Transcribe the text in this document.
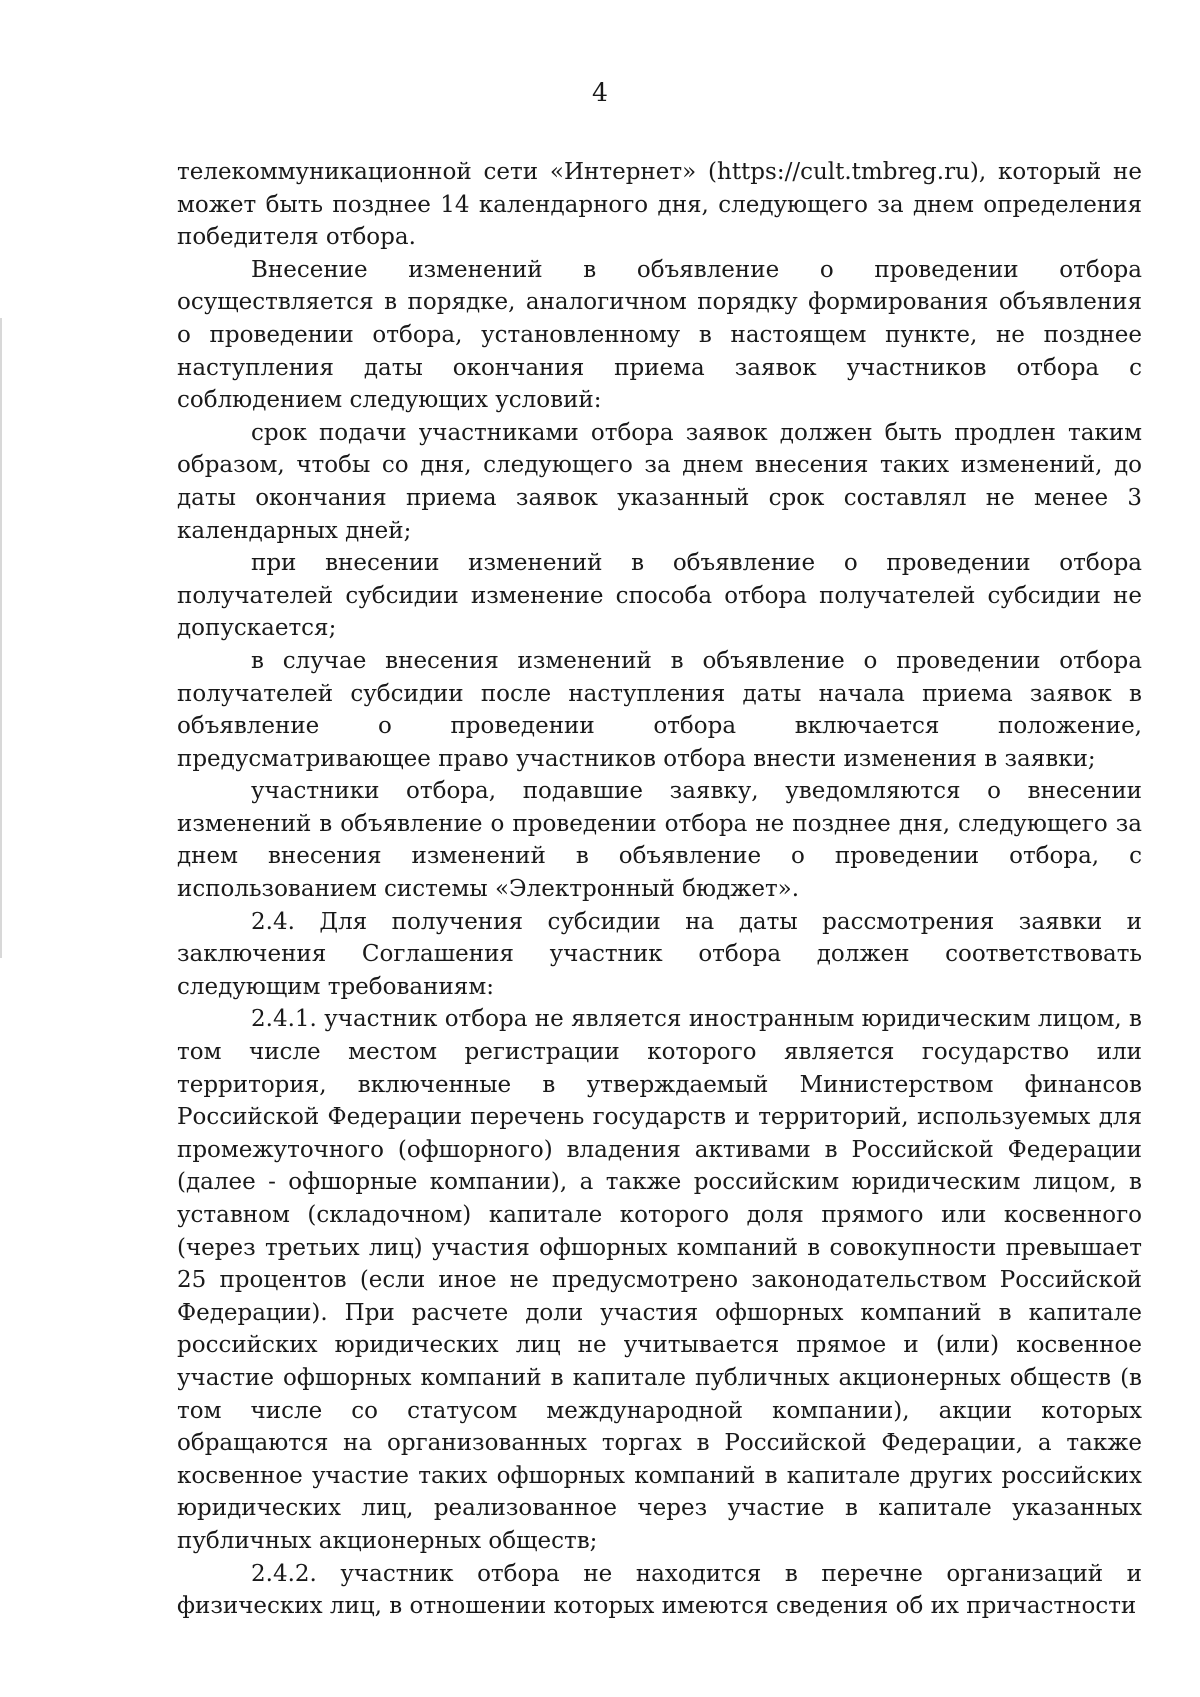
4

телекоммуникационной сети «Интернет» (https://cult.tmbreg.ru), который не может быть позднее 14 календарного дня, следующего за днем определения победителя отбора.

Внесение изменений в объявление о проведении отбора осуществляется в порядке, аналогичном порядку формирования объявления о проведении отбора, установленному в настоящем пункте, не позднее наступления даты окончания приема заявок участников отбора с соблюдением следующих условий:

срок подачи участниками отбора заявок должен быть продлен таким образом, чтобы со дня, следующего за днем внесения таких изменений, до даты окончания приема заявок указанный срок составлял не менее 3 календарных дней;

при внесении изменений в объявление о проведении отбора получателей субсидии изменение способа отбора получателей субсидии не допускается;

в случае внесения изменений в объявление о проведении отбора получателей субсидии после наступления даты начала приема заявок в объявление о проведении отбора включается положение, предусматривающее право участников отбора внести изменения в заявки;

участники отбора, подавшие заявку, уведомляются о внесении изменений в объявление о проведении отбора не позднее дня, следующего за днем внесения изменений в объявление о проведении отбора, с использованием системы «Электронный бюджет».

2.4. Для получения субсидии на даты рассмотрения заявки и заключения Соглашения участник отбора должен соответствовать следующим требованиям:

2.4.1. участник отбора не является иностранным юридическим лицом, в том числе местом регистрации которого является государство или территория, включенные в утверждаемый Министерством финансов Российской Федерации перечень государств и территорий, используемых для промежуточного (офшорного) владения активами в Российской Федерации (далее - офшорные компании), а также российским юридическим лицом, в уставном (складочном) капитале которого доля прямого или косвенного (через третьих лиц) участия офшорных компаний в совокупности превышает 25 процентов (если иное не предусмотрено законодательством Российской Федерации). При расчете доли участия офшорных компаний в капитале российских юридических лиц не учитывается прямое и (или) косвенное участие офшорных компаний в капитале публичных акционерных обществ (в том числе со статусом международной компании), акции которых обращаются на организованных торгах в Российской Федерации, а также косвенное участие таких офшорных компаний в капитале других российских юридических лиц, реализованное через участие в капитале указанных публичных акционерных обществ;

2.4.2. участник отбора не находится в перечне организаций и физических лиц, в отношении которых имеются сведения об их причастности
